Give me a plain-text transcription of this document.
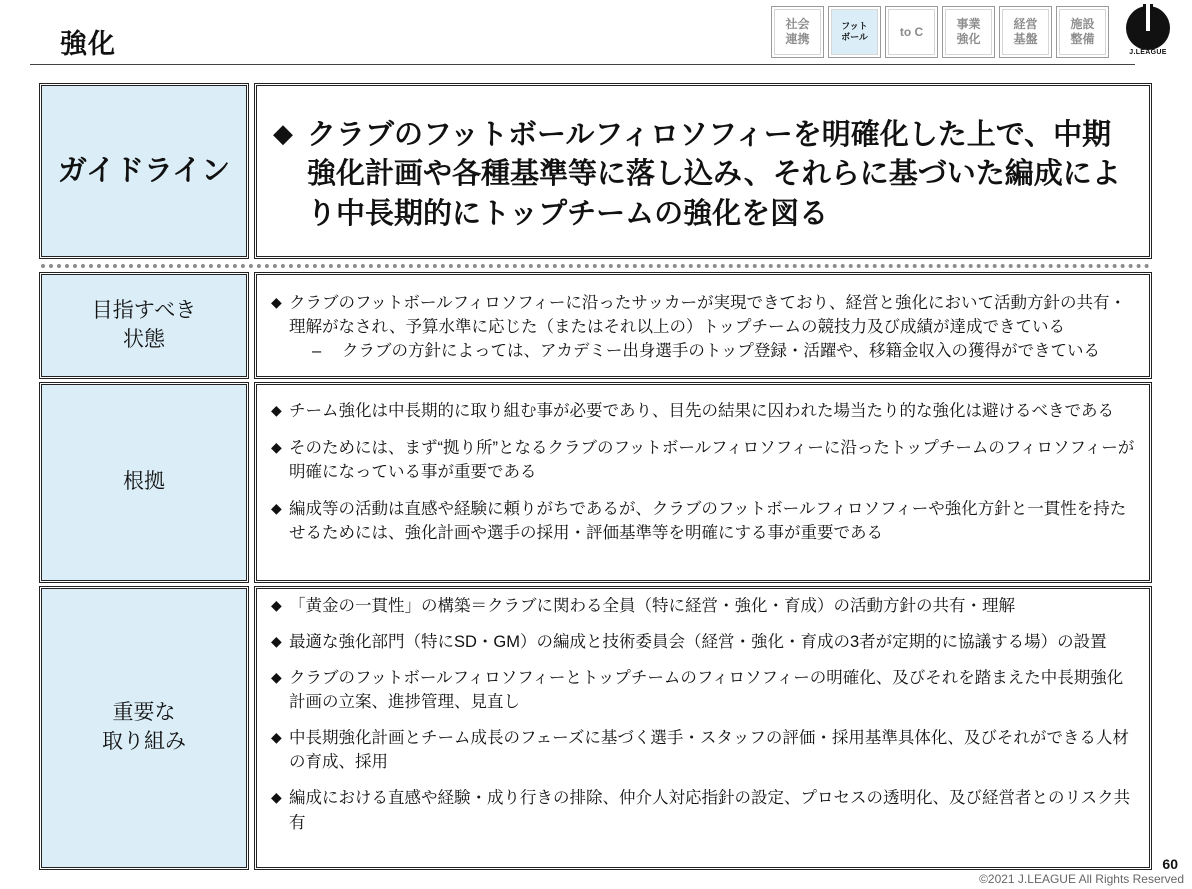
強化
社会
連携
フット
ボール	to C
事業
強化
経営
基盤
施設
整備
J.LEAGUE
ガイドライン
◆ クラブのフットボールフィロソフィーを明確化した上で、中期強化計画や各種基準等に落し込み、それらに基づいた編成により中長期的にトップチームの強化を図る
目指すべき
状態
◆ クラブのフットボールフィロソフィーに沿ったサッカーが実現できており、経営と強化において活動方針の共有・理解がなされ、予算水準に応じた（またはそれ以上の）トップチームの競技力及び成績が達成できている
–	クラブの方針によっては、アカデミー出身選手のトップ登録・活躍や、移籍金収入の獲得ができている
根拠
◆ チーム強化は中長期的に取り組む事が必要であり、目先の結果に囚われた場当たり的な強化は避けるべきである
◆ そのためには、まず“拠り所”となるクラブのフットボールフィロソフィーに沿ったトップチームのフィロソフィーが明確になっている事が重要である
◆ 編成等の活動は直感や経験に頼りがちであるが、クラブのフットボールフィロソフィーや強化方針と一貫性を持たせるためには、強化計画や選手の採用・評価基準等を明確にする事が重要である
重要な
取り組み
◆ 「黄金の一貫性」の構築＝クラブに関わる全員（特に経営・強化・育成）の活動方針の共有・理解
◆ 最適な強化部門（特にSD・GM）の編成と技術委員会（経営・強化・育成の3者が定期的に協議する場）の設置
◆ クラブのフットボールフィロソフィーとトップチームのフィロソフィーの明確化、及びそれを踏まえた中長期強化計画の立案、進捗管理、見直し
◆ 中長期強化計画とチーム成長のフェーズに基づく選手・スタッフの評価・採用基準具体化、及びそれができる人材の育成、採用
◆ 編成における直感や経験・成り行きの排除、仲介人対応指針の設定、プロセスの透明化、及び経営者とのリスク共有
60
©2021 J.LEAGUE All Rights Reserved
